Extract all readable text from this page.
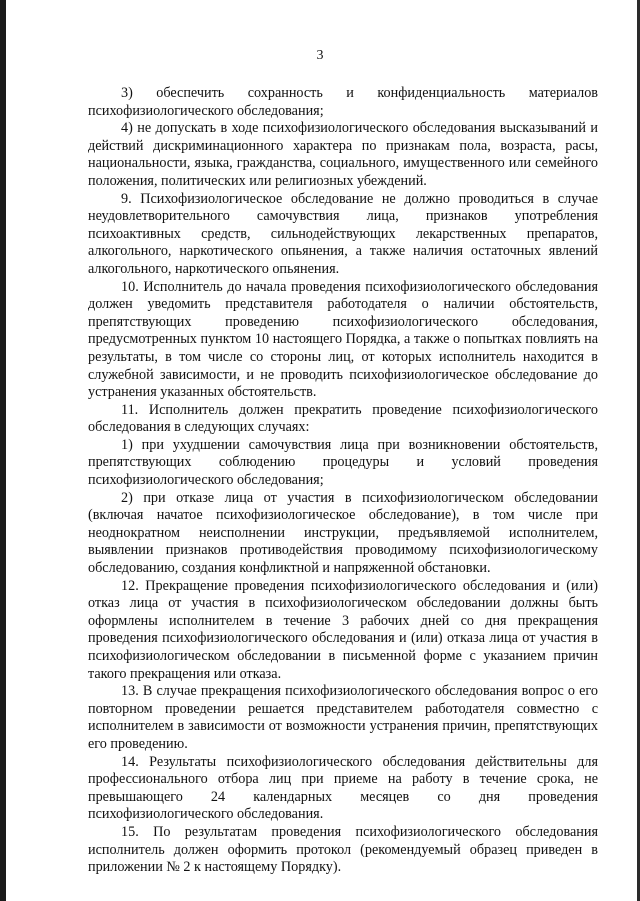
3

3) обеспечить сохранность и конфиденциальность материалов психофизиологического обследования;

4) не допускать в ходе психофизиологического обследования высказываний и действий дискриминационного характера по признакам пола, возраста, расы, национальности, языка, гражданства, социального, имущественного или семейного положения, политических или религиозных убеждений.

9. Психофизиологическое обследование не должно проводиться в случае неудовлетворительного самочувствия лица, признаков употребления психоактивных средств, сильнодействующих лекарственных препаратов, алкогольного, наркотического опьянения, а также наличия остаточных явлений алкогольного, наркотического опьянения.

10. Исполнитель до начала проведения психофизиологического обследования должен уведомить представителя работодателя о наличии обстоятельств, препятствующих проведению психофизиологического обследования, предусмотренных пунктом 10 настоящего Порядка, а также о попытках повлиять на результаты, в том числе со стороны лиц, от которых исполнитель находится в служебной зависимости, и не проводить психофизиологическое обследование до устранения указанных обстоятельств.

11. Исполнитель должен прекратить проведение психофизиологического обследования в следующих случаях:

1) при ухудшении самочувствия лица при возникновении обстоятельств, препятствующих соблюдению процедуры и условий проведения психофизиологического обследования;

2) при отказе лица от участия в психофизиологическом обследовании (включая начатое психофизиологическое обследование), в том числе при неоднократном неисполнении инструкции, предъявляемой исполнителем, выявлении признаков противодействия проводимому психофизиологическому обследованию, создания конфликтной и напряженной обстановки.

12. Прекращение проведения психофизиологического обследования и (или) отказ лица от участия в психофизиологическом обследовании должны быть оформлены исполнителем в течение 3 рабочих дней со дня прекращения проведения психофизиологического обследования и (или) отказа лица от участия в психофизиологическом обследовании в письменной форме с указанием причин такого прекращения или отказа.

13. В случае прекращения психофизиологического обследования вопрос о его повторном проведении решается представителем работодателя совместно с исполнителем в зависимости от возможности устранения причин, препятствующих его проведению.

14. Результаты психофизиологического обследования действительны для профессионального отбора лиц при приеме на работу в течение срока, не превышающего 24 календарных месяцев со дня проведения психофизиологического обследования.

15. По результатам проведения психофизиологического обследования исполнитель должен оформить протокол (рекомендуемый образец приведен в приложении № 2 к настоящему Порядку).
